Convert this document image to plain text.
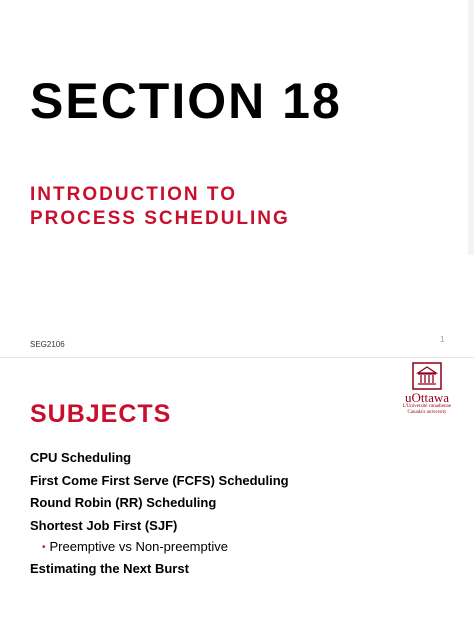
SECTION 18
INTRODUCTION TO
PROCESS SCHEDULING
SEG2106
1
uOttawa
L'Université canadienne
Canada's university
SUBJECTS
CPU Scheduling
First Come First Serve (FCFS) Scheduling
Round Robin (RR) Scheduling
Shortest Job First (SJF)
• Preemptive vs Non-preemptive
Estimating the Next Burst
